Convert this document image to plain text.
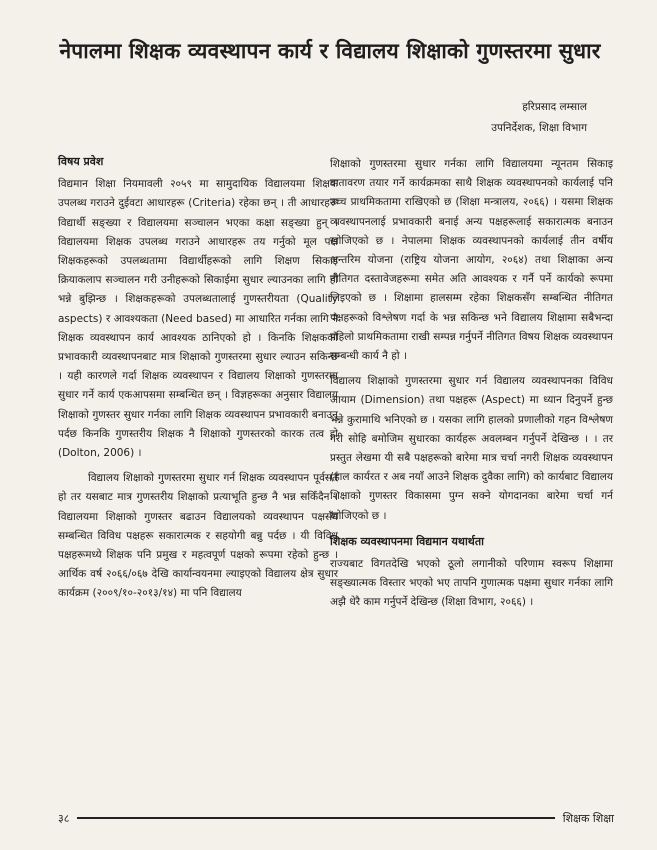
नेपालमा शिक्षक व्यवस्थापन कार्य र विद्यालय शिक्षाको गुणस्तरमा सुधार
हरिप्रसाद लम्साल
उपनिर्देशक, शिक्षा विभाग
विषय प्रवेश

विद्यमान शिक्षा नियमावली २०५९ मा सामुदायिक विद्यालयमा शिक्षक उपलब्ध गराउने दुईवटा आधारहरू (Criteria) रहेका छन् । ती आधारहरू विद्यार्थी सङ्ख्या र विद्यालयमा सञ्चालन भएका कक्षा सङ्ख्या हुन् । विद्यालयमा शिक्षक उपलब्ध गराउने आधारहरू तय गर्नुको मूल पक्ष शिक्षकहरूको उपलब्धतामा विद्यार्थीहरूको लागि शिक्षण सिकाइ क्रियाकलाप सञ्चालन गरी उनीहरूको सिकाईमा सुधार ल्याउनका लागि हो भन्ने बुझिन्छ । शिक्षकहरूको उपलब्धतालाई गुणस्तरीयता (Quality aspects) र आवश्यकता (Need based) मा आधारित गर्नका लागि नै शिक्षक व्यवस्थापन कार्य आवश्यक ठानिएको हो । किनकि शिक्षकको प्रभावकारी व्यवस्थापनबाट मात्र शिक्षाको गुणस्तरमा सुधार ल्याउन सकिन्छ । यही कारणले गर्दा शिक्षक व्यवस्थापन र विद्यालय शिक्षाको गुणस्तरमा सुधार गर्ने कार्य एकआपसमा सम्बन्धित छन् । विज्ञहरूका अनुसार विद्यालय शिक्षाको गुणस्तर सुधार गर्नका लागि शिक्षक व्यवस्थापन प्रभावकारी बनाउनु पर्दछ किनकि गुणस्तरीय शिक्षक नै शिक्षाको गुणस्तरको कारक तत्व हो (Dolton, 2006) ।

विद्यालय शिक्षाको गुणस्तरमा सुधार गर्न शिक्षक व्यवस्थापन पूर्वसर्त हो तर यसबाट मात्र गुणस्तरीय शिक्षाको प्रत्याभूति हुन्छ नै भन्न सकिँदैन । विद्यालयमा शिक्षाको गुणस्तर बढाउन विद्यालयको व्यवस्थापन पक्षसँग सम्बन्धित विविध पक्षहरू सकारात्मक र सहयोगी बन्नु पर्दछ । यी विविध पक्षहरूमध्ये शिक्षक पनि प्रमुख र महत्वपूर्ण पक्षको रूपमा रहेको हुन्छ । आर्थिक वर्ष २०६६/०६७ देखि कार्यान्वयनमा ल्याइएको विद्यालय क्षेत्र सुधार कार्यक्रम (२००९/१०-२०१३/१४) मा पनि विद्यालय

शिक्षाको गुणस्तरमा सुधार गर्नका लागि विद्यालयमा न्यूनतम सिकाइ वातावरण तयार गर्ने कार्यक्रमका साथै शिक्षक व्यवस्थापनको कार्यलाई पनि उच्च प्राथमिकतामा राखिएको छ (शिक्षा मन्त्रालय, २०६६) । यसमा शिक्षक व्यवस्थापनलाई प्रभावकारी बनाई अन्य पक्षहरूलाई सकारात्मक बनाउन खोजिएको छ । नेपालमा शिक्षक व्यवस्थापनको कार्यलाई तीन वर्षीय अन्तरिम योजना (राष्ट्रिय योजना आयोग, २०६४) तथा शिक्षाका अन्य नीतिगत दस्तावेजहरूमा समेत अति आवश्यक र गर्नै पर्ने कार्यको रूपमा लिइएको छ । शिक्षामा हालसम्म रहेका शिक्षकसँग सम्बन्धित नीतिगत पक्षहरूको विश्लेषण गर्दा के भन्न सकिन्छ भने विद्यालय शिक्षामा सबैभन्दा पहिलो प्राथमिकतामा राखी सम्पन्न गर्नुपर्ने नीतिगत विषय शिक्षक व्यवस्थापन सम्बन्धी कार्य नै हो ।

विद्यालय शिक्षाको गुणस्तरमा सुधार गर्न विद्यालय व्यवस्थापनका विविध आयाम (Dimension) तथा पक्षहरू (Aspect) मा ध्यान दिनुपर्ने हुन्छ भन्ने कुरामाथि भनिएको छ । यसका लागि हालको प्रणालीको गहन विश्लेषण गरी सोहि बमोजिम सुधारका कार्यहरू अवलम्बन गर्नुपर्ने देखिन्छ । । तर प्रस्तुत लेखमा यी सबै पक्षहरूको बारेमा मात्र चर्चा नगरी शिक्षक व्यवस्थापन (हाल कार्यरत र अब नयाँ आउने शिक्षक दुवैका लागि) को कार्यबाट विद्यालय शिक्षाको गुणस्तर विकासमा पुग्न सक्ने योगदानका बारेमा चर्चा गर्न खोजिएको छ ।

शिक्षक व्यवस्थापनमा विद्यमान यथार्थता

राज्यबाट विगतदेखि भएको ठूलो लगानीको परिणाम स्वरूप शिक्षामा सङ्ख्यात्मक विस्तार भएको भए तापनि गुणात्मक पक्षमा सुधार गर्नका लागि अझै धेरै काम गर्नुपर्ने देखिन्छ (शिक्षा विभाग, २०६६) ।

३८	शिक्षक शिक्षा
